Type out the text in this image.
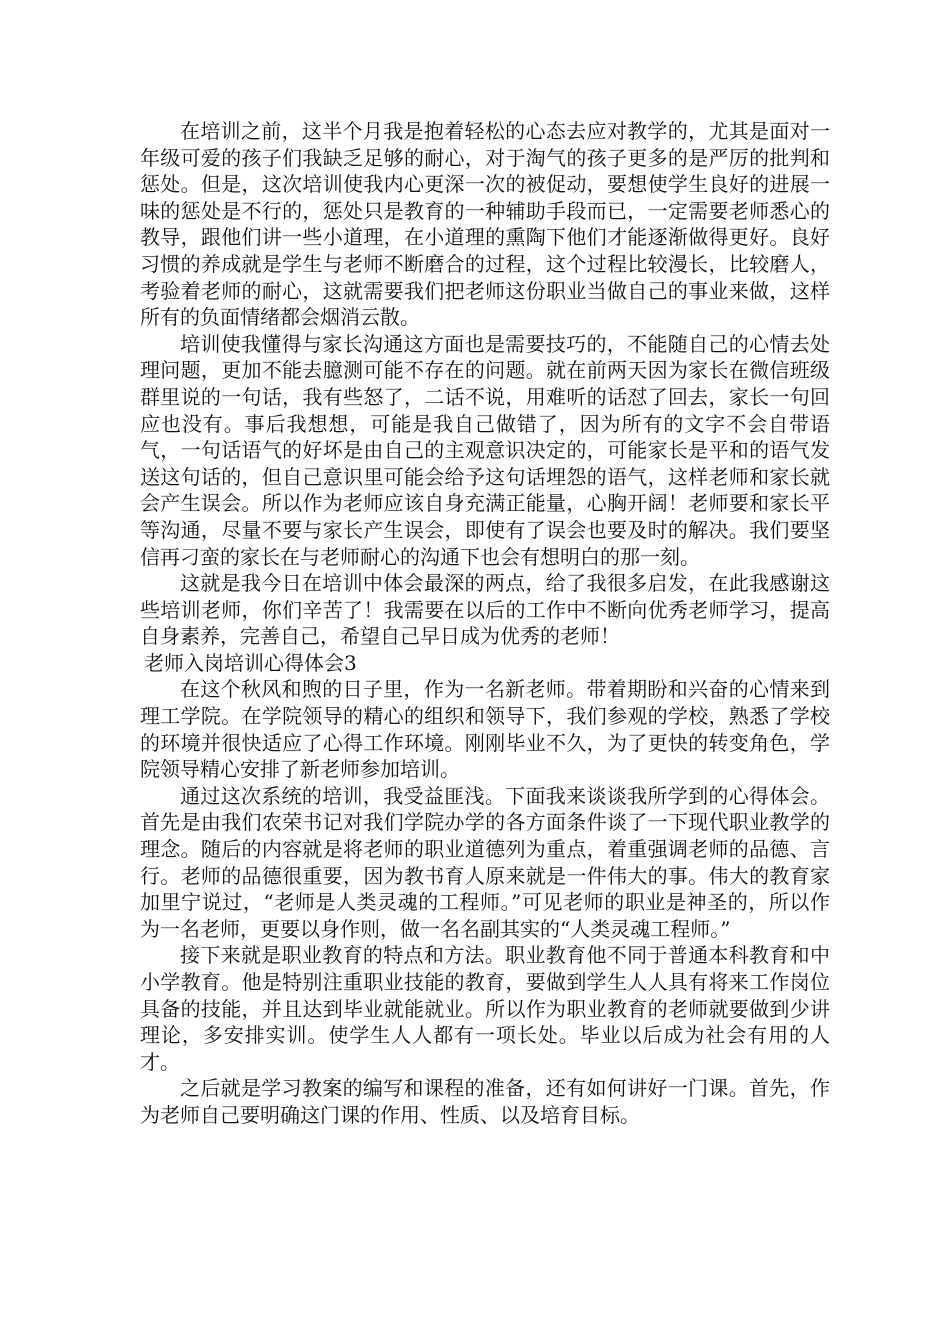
在培训之前，这半个月我是抱着轻松的心态去应对教学的，尤其是面对一年级可爱的孩子们我缺乏足够的耐心，对于淘气的孩子更多的是严厉的批判和惩处。但是，这次培训使我内心更深一次的被促动，要想使学生良好的进展一味的惩处是不行的，惩处只是教育的一种辅助手段而已，一定需要老师悉心的教导，跟他们讲一些小道理，在小道理的熏陶下他们才能逐渐做得更好。良好习惯的养成就是学生与老师不断磨合的过程，这个过程比较漫长，比较磨人，考验着老师的耐心，这就需要我们把老师这份职业当做自己的事业来做，这样所有的负面情绪都会烟消云散。

培训使我懂得与家长沟通这方面也是需要技巧的，不能随自己的心情去处理问题，更加不能去臆测可能不存在的问题。就在前两天因为家长在微信班级群里说的一句话，我有些怒了，二话不说，用难听的话怼了回去，家长一句回应也没有。事后我想想，可能是我自己做错了，因为所有的文字不会自带语气，一句话语气的好坏是由自己的主观意识决定的，可能家长是平和的语气发送这句话的，但自己意识里可能会给予这句话埋怨的语气，这样老师和家长就会产生误会。所以作为老师应该自身充满正能量，心胸开阔！老师要和家长平等沟通，尽量不要与家长产生误会，即使有了误会也要及时的解决。我们要坚信再刁蛮的家长在与老师耐心的沟通下也会有想明白的那一刻。

这就是我今日在培训中体会最深的两点，给了我很多启发，在此我感谢这些培训老师，你们辛苦了！我需要在以后的工作中不断向优秀老师学习，提高自身素养，完善自己，希望自己早日成为优秀的老师！

老师入岗培训心得体会3

在这个秋风和煦的日子里，作为一名新老师。带着期盼和兴奋的心情来到理工学院。在学院领导的精心的组织和领导下，我们参观的学校，熟悉了学校的环境并很快适应了心得工作环境。刚刚毕业不久，为了更快的转变角色，学院领导精心安排了新老师参加培训。

通过这次系统的培训，我受益匪浅。下面我来谈谈我所学到的心得体会。首先是由我们农荣书记对我们学院办学的各方面条件谈了一下现代职业教学的理念。随后的内容就是将老师的职业道德列为重点，着重强调老师的品德、言行。老师的品德很重要，因为教书育人原来就是一件伟大的事。伟大的教育家加里宁说过，“老师是人类灵魂的工程师。”可见老师的职业是神圣的，所以作为一名老师，更要以身作则，做一名名副其实的“人类灵魂工程师。”

接下来就是职业教育的特点和方法。职业教育他不同于普通本科教育和中小学教育。他是特别注重职业技能的教育，要做到学生人人具有将来工作岗位具备的技能，并且达到毕业就能就业。所以作为职业教育的老师就要做到少讲理论，多安排实训。使学生人人都有一项长处。毕业以后成为社会有用的人才。

之后就是学习教案的编写和课程的准备，还有如何讲好一门课。首先，作为老师自己要明确这门课的作用、性质、以及培育目标。
